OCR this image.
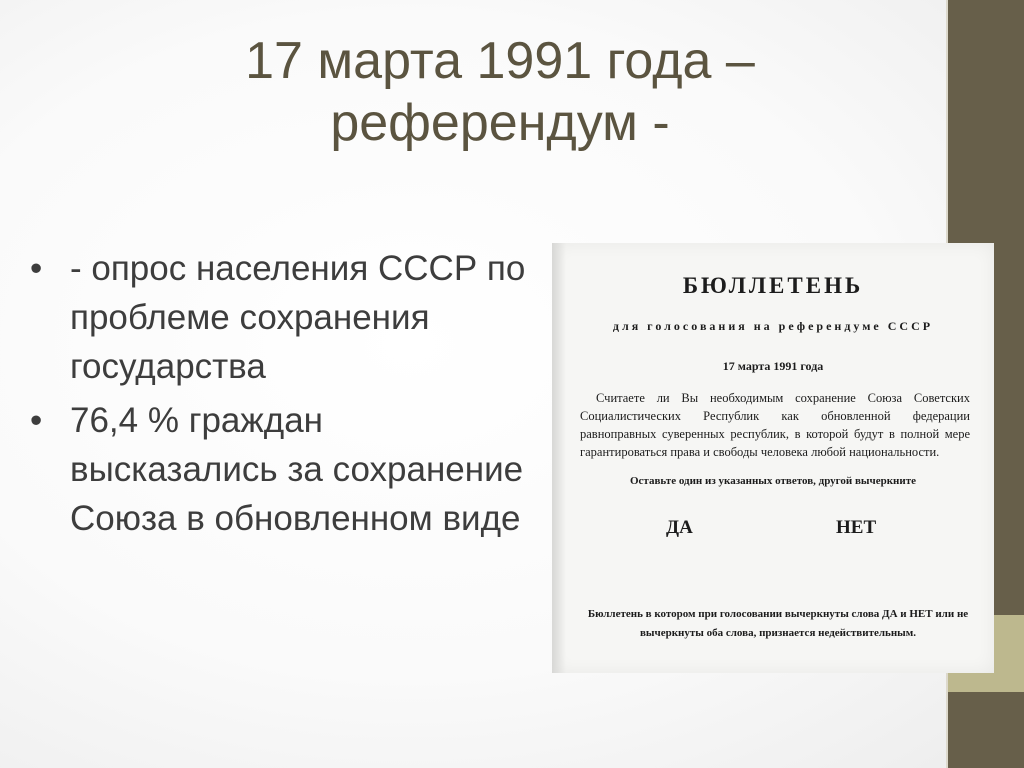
17 марта 1991 года –
референдум -
• - опрос населения СССР по проблеме сохранения государства
• 76,4 % граждан высказались за сохранение Союза в обновленном виде
БЮЛЛЕТЕНЬ
для голосования на референдуме СССР
17 марта 1991 года
Считаете ли Вы необходимым сохранение Союза Советских Социалистических Республик как обновленной федерации равноправных суверенных республик, в которой будут в полной мере гарантироваться права и свободы человека любой национальности.
Оставьте один из указанных ответов, другой вычеркните
ДА	НЕТ
Бюллетень в котором при голосовании вычеркнуты слова ДА и НЕТ или не вычеркнуты оба слова, признается недействительным.
